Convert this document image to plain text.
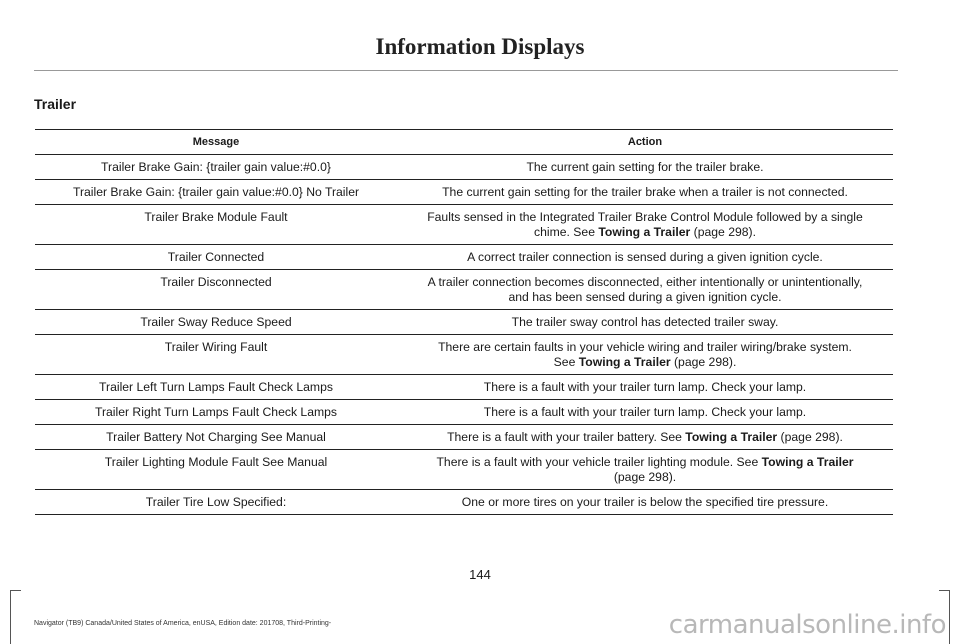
Information Displays
Trailer
Message	Action
Trailer Brake Gain: {trailer gain value:#0.0}	The current gain setting for the trailer brake.
Trailer Brake Gain: {trailer gain value:#0.0} No Trailer	The current gain setting for the trailer brake when a trailer is not connected.
Trailer Brake Module Fault	Faults sensed in the Integrated Trailer Brake Control Module followed by a single
chime. See Towing a Trailer (page 298).
Trailer Connected	A correct trailer connection is sensed during a given ignition cycle.
Trailer Disconnected	A trailer connection becomes disconnected, either intentionally or unintentionally,
and has been sensed during a given ignition cycle.
Trailer Sway Reduce Speed	The trailer sway control has detected trailer sway.
Trailer Wiring Fault	There are certain faults in your vehicle wiring and trailer wiring/brake system.
See Towing a Trailer (page 298).
Trailer Left Turn Lamps Fault Check Lamps	There is a fault with your trailer turn lamp. Check your lamp.
Trailer Right Turn Lamps Fault Check Lamps	There is a fault with your trailer turn lamp. Check your lamp.
Trailer Battery Not Charging See Manual	There is a fault with your trailer battery. See Towing a Trailer (page 298).
Trailer Lighting Module Fault See Manual	There is a fault with your vehicle trailer lighting module. See Towing a Trailer
(page 298).
Trailer Tire Low Specified:	One or more tires on your trailer is below the specified tire pressure.
144
Navigator (TB9) Canada/United States of America, enUSA, Edition date: 201708, Third-Printing-	carmanualsonline.info
